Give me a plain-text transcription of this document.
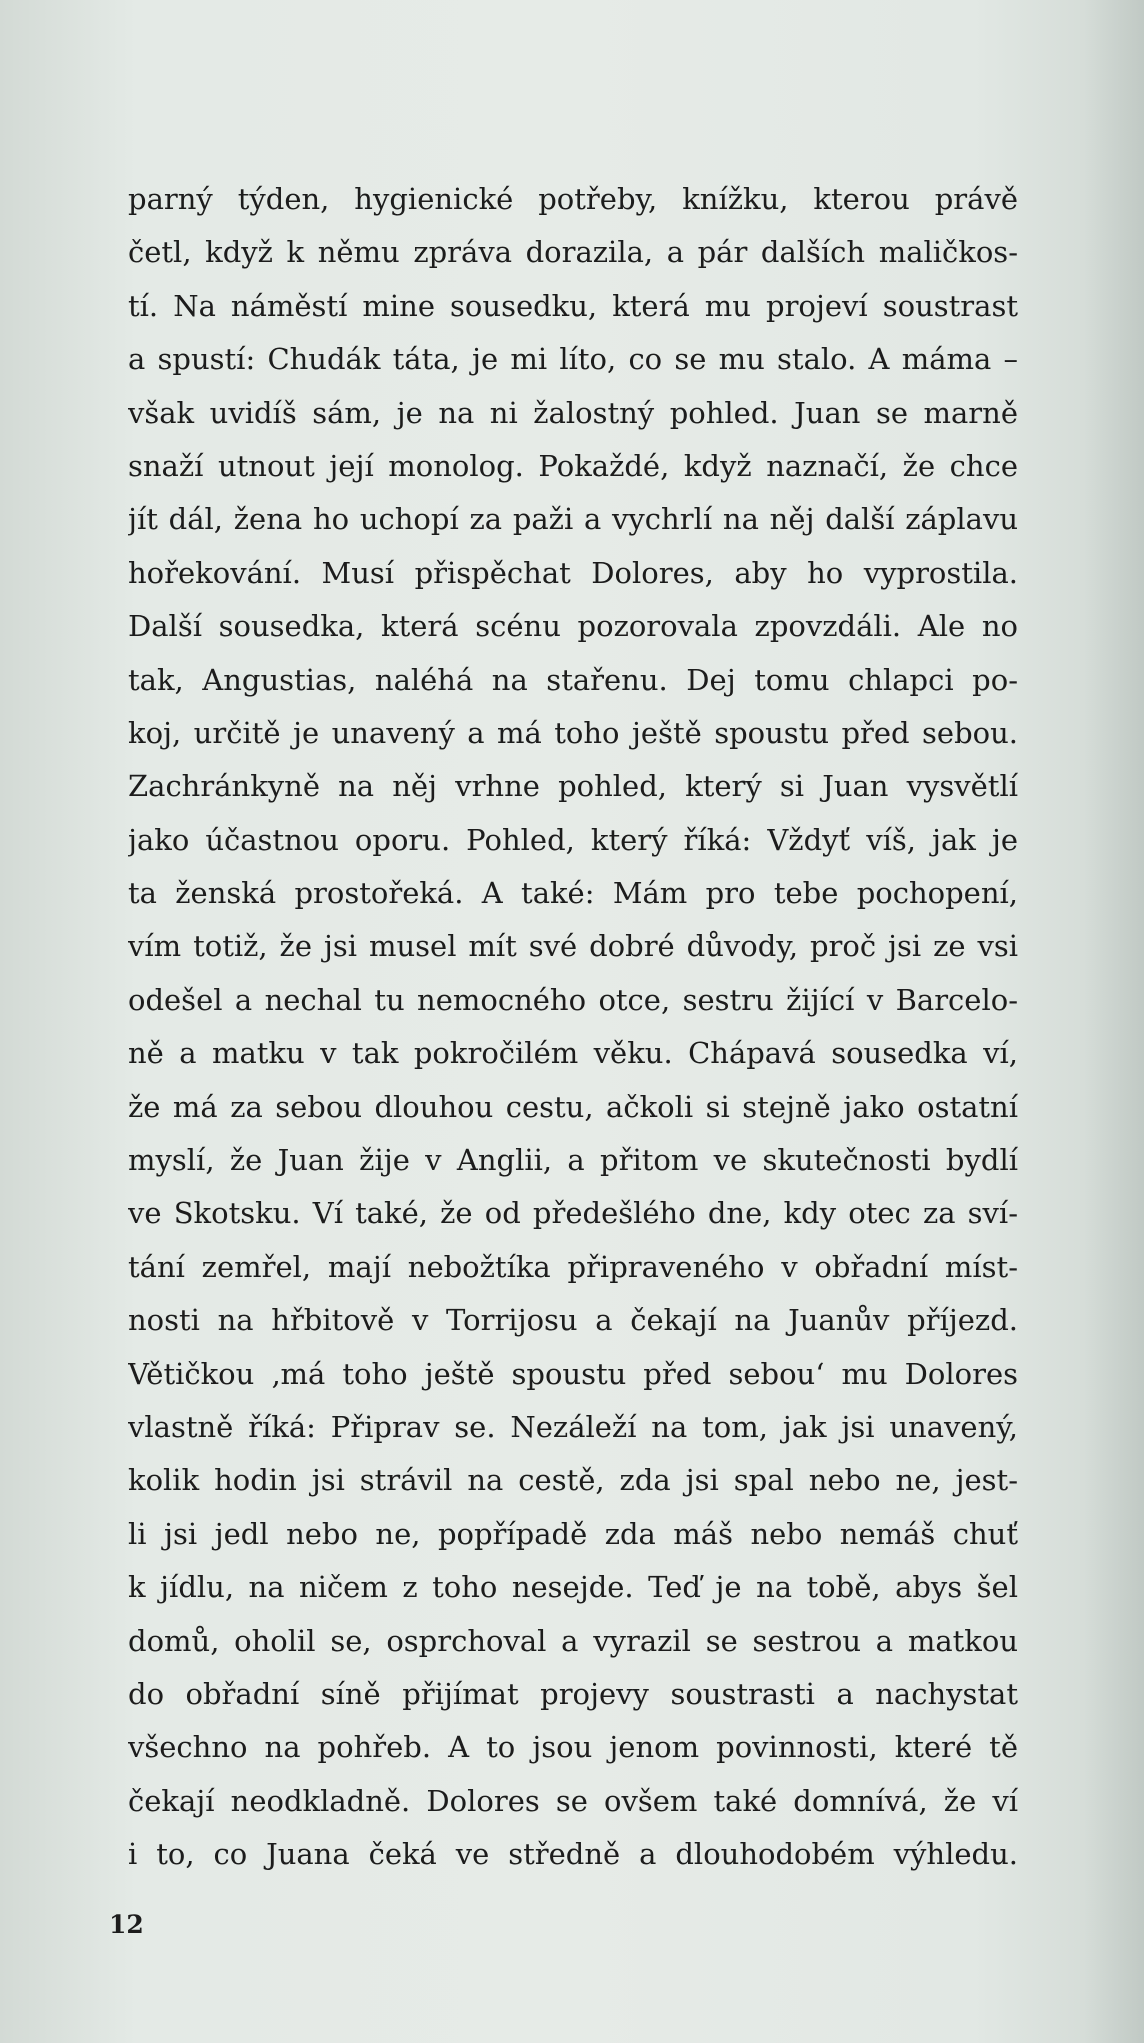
parný týden, hygienické potřeby, knížku, kterou právě
četl, když k němu zpráva dorazila, a pár dalších maličkos-
tí. Na náměstí mine sousedku, která mu projeví soustrast
a spustí: Chudák táta, je mi líto, co se mu stalo. A máma –
však uvidíš sám, je na ni žalostný pohled. Juan se marně
snaží utnout její monolog. Pokaždé, když naznačí, že chce
jít dál, žena ho uchopí za paži a vychrlí na něj další záplavu
hořekování. Musí přispěchat Dolores, aby ho vyprostila.
Další sousedka, která scénu pozorovala zpovzdáli. Ale no
tak, Angustias, naléhá na stařenu. Dej tomu chlapci po-
koj, určitě je unavený a má toho ještě spoustu před sebou.
Zachránkyně na něj vrhne pohled, který si Juan vysvětlí
jako účastnou oporu. Pohled, který říká: Vždyť víš, jak je
ta ženská prostořeká. A také: Mám pro tebe pochopení,
vím totiž, že jsi musel mít své dobré důvody, proč jsi ze vsi
odešel a nechal tu nemocného otce, sestru žijící v Barcelo-
ně a matku v tak pokročilém věku. Chápavá sousedka ví,
že má za sebou dlouhou cestu, ačkoli si stejně jako ostatní
myslí, že Juan žije v Anglii, a přitom ve skutečnosti bydlí
ve Skotsku. Ví také, že od předešlého dne, kdy otec za sví-
tání zemřel, mají nebožtíka připraveného v obřadní míst-
nosti na hřbitově v Torrijosu a čekají na Juanův příjezd.
Větičkou ‚má toho ještě spoustu před sebou‘ mu Dolores
vlastně říká: Připrav se. Nezáleží na tom, jak jsi unavený,
kolik hodin jsi strávil na cestě, zda jsi spal nebo ne, jest-
li jsi jedl nebo ne, popřípadě zda máš nebo nemáš chuť
k jídlu, na ničem z toho nesejde. Teď je na tobě, abys šel
domů, oholil se, osprchoval a vyrazil se sestrou a matkou
do obřadní síně přijímat projevy soustrasti a nachystat
všechno na pohřeb. A to jsou jenom povinnosti, které tě
čekají neodkladně. Dolores se ovšem také domnívá, že ví
i to, co Juana čeká ve středně a dlouhodobém výhledu.
12
